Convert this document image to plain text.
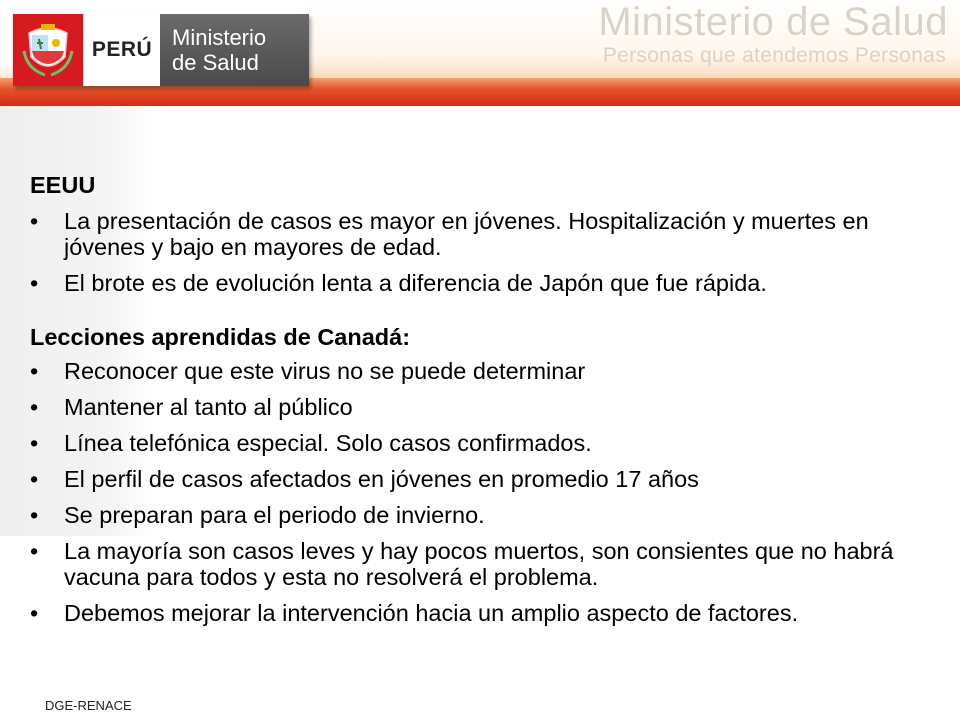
PERÚ Ministerio
de Salud
Ministerio de Salud
Personas que atendemos Personas

EEUU

•	La presentación de casos es mayor en jóvenes. Hospitalización y muertes en jóvenes y bajo en mayores de edad.
•	El brote es de evolución lenta a diferencia de Japón que fue rápida.

Lecciones aprendidas de Canadá:

•	Reconocer que este virus no se puede determinar
•	Mantener al tanto al público
•	Línea telefónica especial. Solo casos confirmados.
•	El perfil de casos afectados en jóvenes en promedio 17 años
•	Se preparan para el periodo de invierno.
•	La mayoría son casos leves y hay pocos muertos, son consientes que no habrá vacuna para todos y esta no resolverá el problema.
•	Debemos mejorar la intervención hacia un amplio aspecto de factores.
DGE-RENACE
